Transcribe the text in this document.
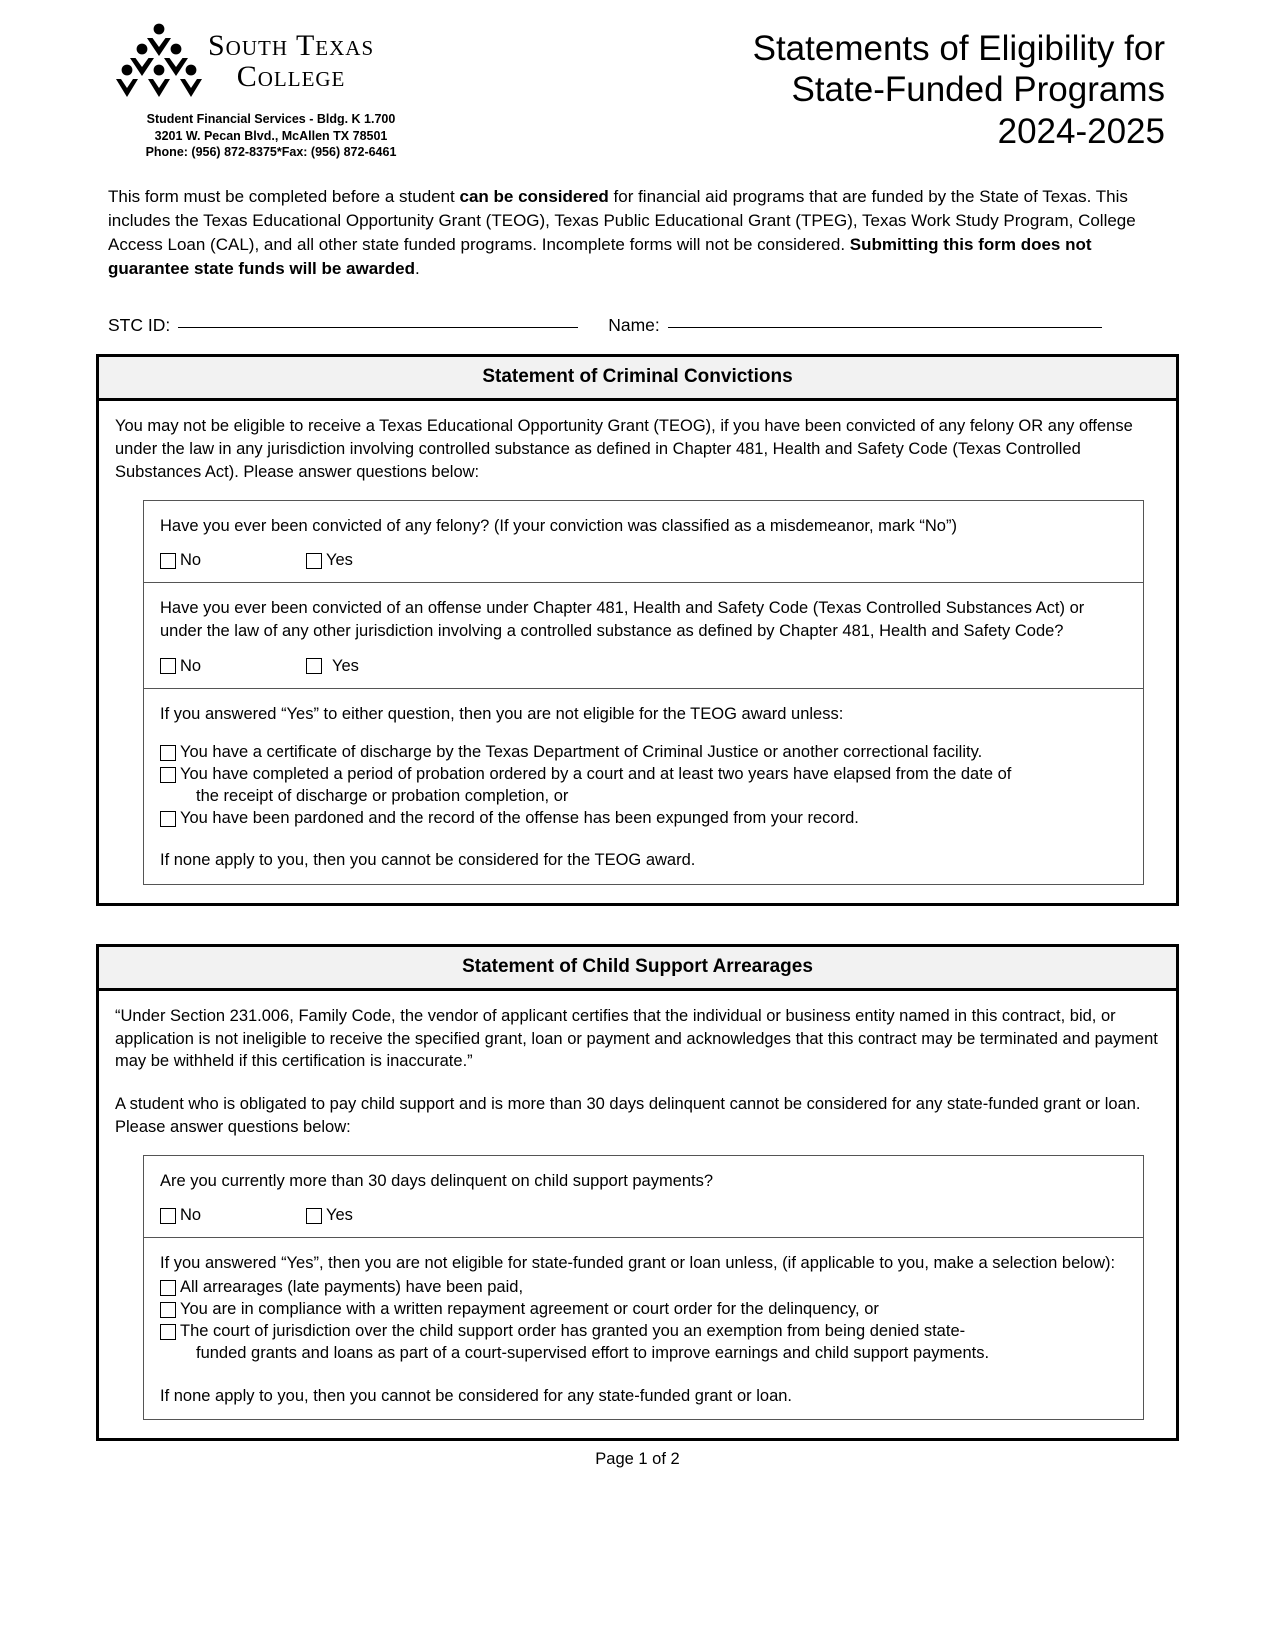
South Texas
College
Student Financial Services - Bldg. K 1.700
3201 W. Pecan Blvd., McAllen TX 78501
Phone: (956) 872-8375*Fax: (956) 872-6461
Statements of Eligibility for
State-Funded Programs
2024-2025

This form must be completed before a student can be considered for financial aid programs that are funded by the State of Texas. This includes the Texas Educational Opportunity Grant (TEOG), Texas Public Educational Grant (TPEG), Texas Work Study Program, College Access Loan (CAL), and all other state funded programs. Incomplete forms will not be considered. Submitting this form does not guarantee state funds will be awarded.

STC ID:	Name:
Statement of Criminal Convictions

You may not be eligible to receive a Texas Educational Opportunity Grant (TEOG), if you have been convicted of any felony OR any offense under the law in any jurisdiction involving controlled substance as defined in Chapter 481, Health and Safety Code (Texas Controlled Substances Act). Please answer questions below:

Have you ever been convicted of any felony? (If your conviction was classified as a misdemeanor, mark “No”)
No	Yes
Have you ever been convicted of an offense under Chapter 481, Health and Safety Code (Texas Controlled Substances Act) or under the law of any other jurisdiction involving a controlled substance as defined by Chapter 481, Health and Safety Code?
No	Yes
If you answered “Yes” to either question, then you are not eligible for the TEOG award unless:
You have a certificate of discharge by the Texas Department of Criminal Justice or another correctional facility.
You have completed a period of probation ordered by a court and at least two years have elapsed from the date of
the receipt of discharge or probation completion, or
You have been pardoned and the record of the offense has been expunged from your record.
If none apply to you, then you cannot be considered for the TEOG award.
Statement of Child Support Arrearages

“Under Section 231.006, Family Code, the vendor of applicant certifies that the individual or business entity named in this contract, bid, or application is not ineligible to receive the specified grant, loan or payment and acknowledges that this contract may be terminated and payment may be withheld if this certification is inaccurate.”

A student who is obligated to pay child support and is more than 30 days delinquent cannot be considered for any state-funded grant or loan. Please answer questions below:

Are you currently more than 30 days delinquent on child support payments?
No	Yes
If you answered “Yes”, then you are not eligible for state-funded grant or loan unless, (if applicable to you, make a selection below):
All arrearages (late payments) have been paid,
You are in compliance with a written repayment agreement or court order for the delinquency, or
The court of jurisdiction over the child support order has granted you an exemption from being denied state-
funded grants and loans as part of a court-supervised effort to improve earnings and child support payments.
If none apply to you, then you cannot be considered for any state-funded grant or loan.
Page 1 of 2
